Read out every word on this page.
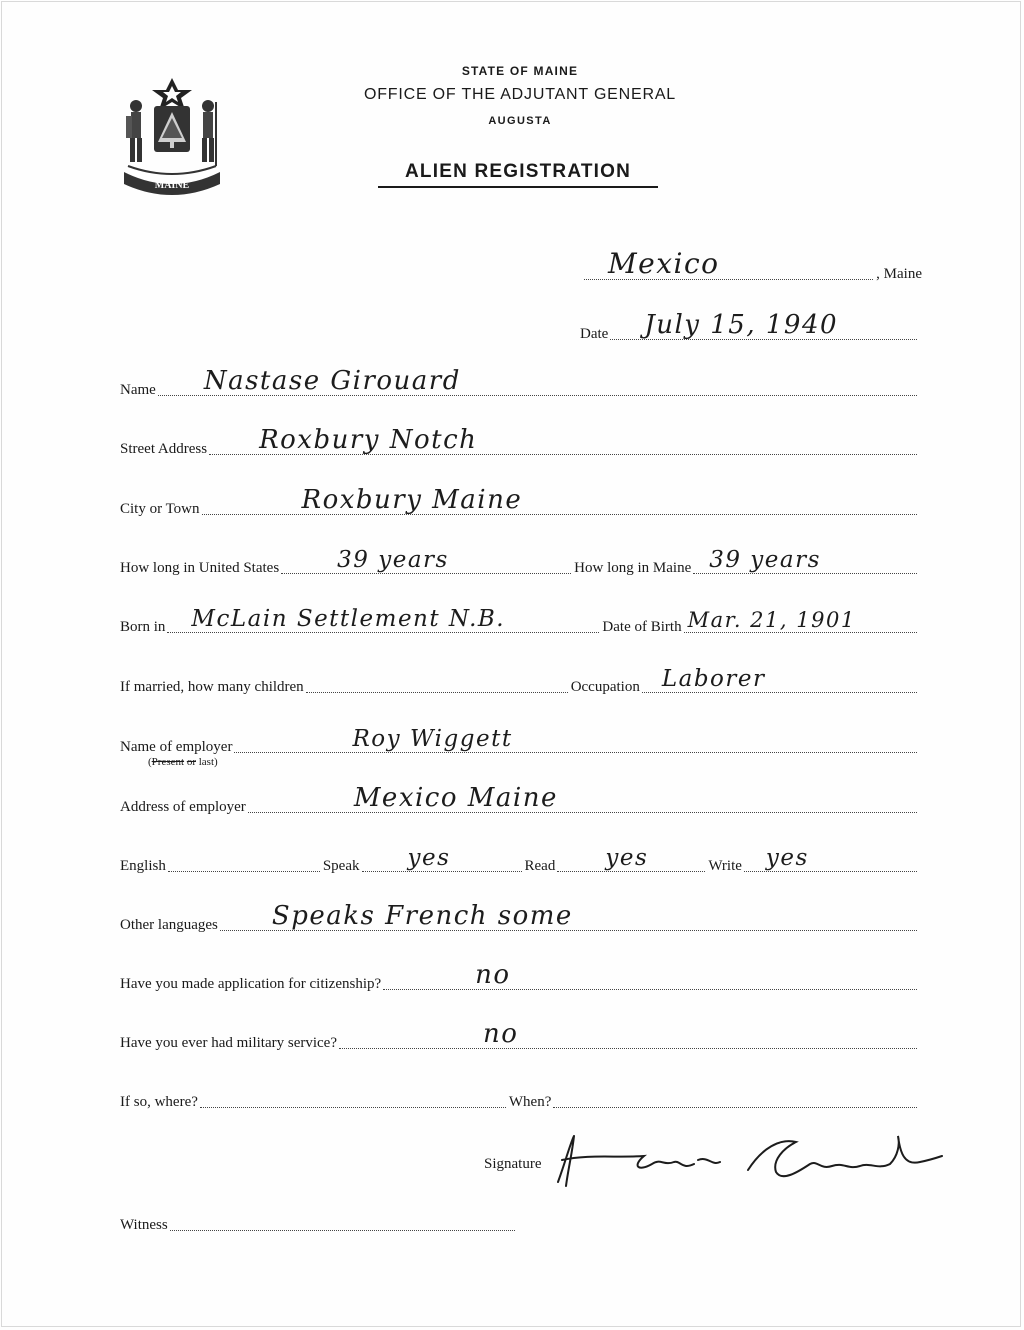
MAINE
STATE OF MAINE
OFFICE OF THE ADJUTANT GENERAL
AUGUSTA
ALIEN REGISTRATION
Mexico	, Maine
Date July 15, 1940
Name Nastase Girouard
Street Address Roxbury Notch
City or Town	Roxbury Maine
How long in United States	39 years	How long in Maine 39 years
Born in McLain Settlement N.B.	Date of Birth Mar. 21, 1901
If married, how many children	Occupation Laborer
Name of employer	Roy Wiggett
(Present or last)
Address of employer	Mexico Maine
English	Speak yes	Read yes	Write yes
Other languages Speaks French some
Have you made application for citizenship?	no
Have you ever had military service?	no
If so, where?	When?
Signature
Witness
